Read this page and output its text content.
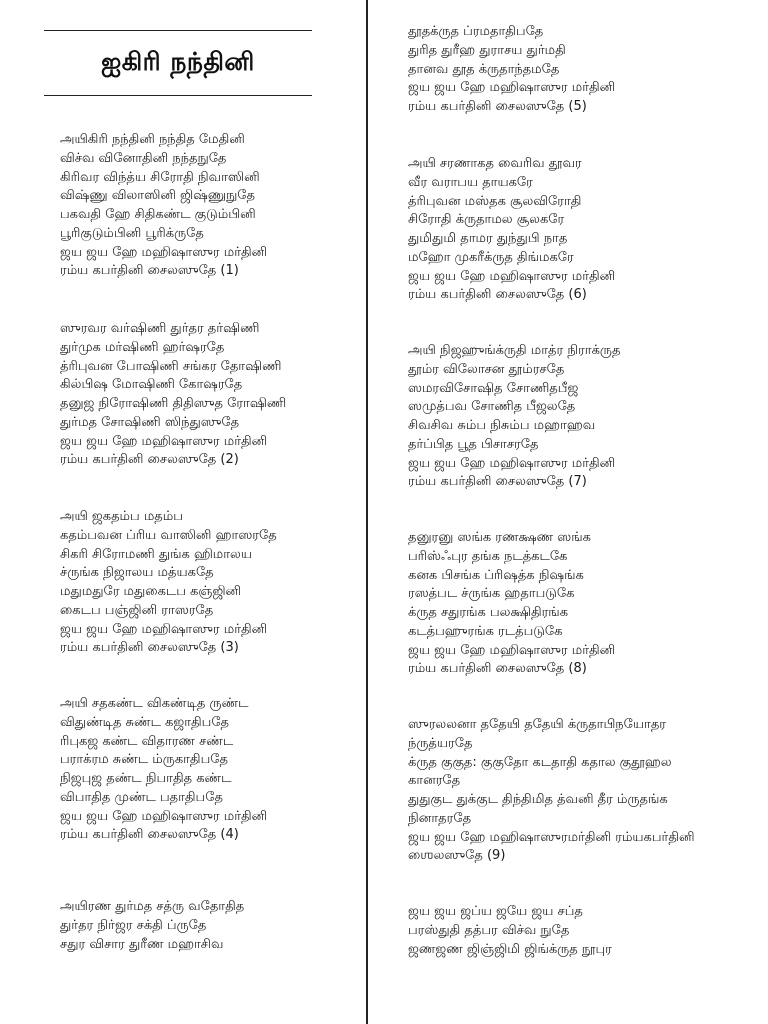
ஐகிரி நந்தினி
அயிகிரி நந்தினி நந்தித மேதினி
விச்வ வினோதினி நந்தநுதே
கிரிவர விந்த்ய சிரோதி நிவாஸினி
விஷ்ணு விலாஸினி ஜிஷ்ணுநுதே
பகவதி ஹே சிதிகண்ட குடும்பினி
பூரிகுடும்பினி பூரிக்ருதே
ஜய ஜய ஹே மஹிஷாஸுர மர்தினி
ரம்ய கபர்தினி சைலஸுதே (1)
ஸுரவர வர்ஷிணி துர்தர தர்ஷிணி
துர்முக மர்ஷிணி ஹர்ஷரதே
த்ரிபுவன போஷிணி சங்கர தோஷிணி
கில்பிஷ மோஷிணி கோஷரதே
தனுஜ நிரோஷிணி திதிஸுத ரோஷிணி
துர்மத சோஷிணி ஸிந்துஸுதே
ஜய ஜய ஹே மஹிஷாஸுர மர்தினி
ரம்ய கபர்தினி சைலஸுதே (2)
அயி ஜகதம்ப மதம்ப
கதம்பவன ப்ரிய வாஸினி ஹாஸரதே
சிகரி சிரோமணி துங்க ஹிமாலய
ச்ருங்க நிஜாலய மத்யகதே
மதுமதுரே மதுகைடப கஞ்ஜினி
கைடப பஞ்ஜினி ராஸரதே
ஜய ஜய ஹே மஹிஷாஸுர மர்தினி
ரம்ய கபர்தினி சைலஸுதே (3)
அயி சதகண்ட விகண்டித ருண்ட
விதுண்டித சுண்ட கஜாதிபதே
ரிபுகஜ கண்ட விதாரண சண்ட
பராக்ரம சுண்ட ம்ருகாதிபதே
நிஜபுஜ தண்ட நிபாதித கண்ட
விபாதித முண்ட பதாதிபதே
ஜய ஜய ஹே மஹிஷாஸுர மர்தினி
ரம்ய கபர்தினி சைலஸுதே (4)
அயிரண துர்மத சத்ரு வதோதித
துர்தர நிர்ஜர சக்தி ப்ருதே
சதுர விசார துரீண மஹாசிவ
தூதக்ருத ப்ரமதாதிபதே
துரித துரீஹ துராசய துர்மதி
தானவ தூத க்ருதாந்தமதே
ஜய ஜய ஹே மஹிஷாஸுர மர்தினி
ரம்ய கபர்தினி சைலஸுதே (5)
அயி சரணாகத வைரிவ தூவர
வீர வராபய தாயகரே
த்ரிபுவன மஸ்தக சூலவிரோதி
சிரோதி க்ருதாமல சூலகரே
துமிதுமி தாமர துந்துபி நாத
மஹோ முகரீக்ருத திங்மகரே
ஜய ஜய ஹே மஹிஷாஸுர மர்தினி
ரம்ய கபர்தினி சைலஸுதே (6)
அயி நிஜஹுங்க்ருதி மாத்ர நிராக்ருத
தூம்ர விலோசன தூம்ரசதே
ஸமரவிசோஷித சோணிதபீஜ
ஸமுத்பவ சோணித பீஜலதே
சிவசிவ சும்ப நிசும்ப மஹாஹவ
தர்ப்பித பூத பிசாசரதே
ஜய ஜய ஹே மஹிஷாஸுர மர்தினி
ரம்ய கபர்தினி சைலஸுதே (7)
தனுரனு ஸங்க ரணக்ஷண ஸங்க
பரிஸ்ஃபுர தங்க நடத்கடகே
கனக பிசங்க ப்ரிஷத்க நிஷங்க
ரஸத்பட ச்ருங்க ஹதாபடுகே
க்ருத சதுரங்க பலக்ஷிதிரங்க
கடத்பஹுரங்க ரடத்படுகே
ஜய ஜய ஹே மஹிஷாஸுர மர்தினி
ரம்ய கபர்தினி சைலஸுதே (8)
ஸுரலலனா ததேயி ததேயி க்ருதாபிநயோதர
ந்ருத்யரதே
க்ருத குகுத: குகுதோ கடதாதி கதால குதூஹல
கானரதே
துதுகுட துக்குட திந்திமித த்வனி தீர ம்ருதங்க
நினாதரதே
ஜய ஜய ஹே மஹிஷாஸுரமர்தினி ரம்யகபர்தினி
ஶைலஸுதே (9)
ஜய ஜய ஜப்ய ஜயே ஜய சப்த
பரஸ்துதி தத்பர விச்வ நுதே
ஜணஜண ஜிஞ்ஜிமி ஜிங்க்ருத நூபுர
